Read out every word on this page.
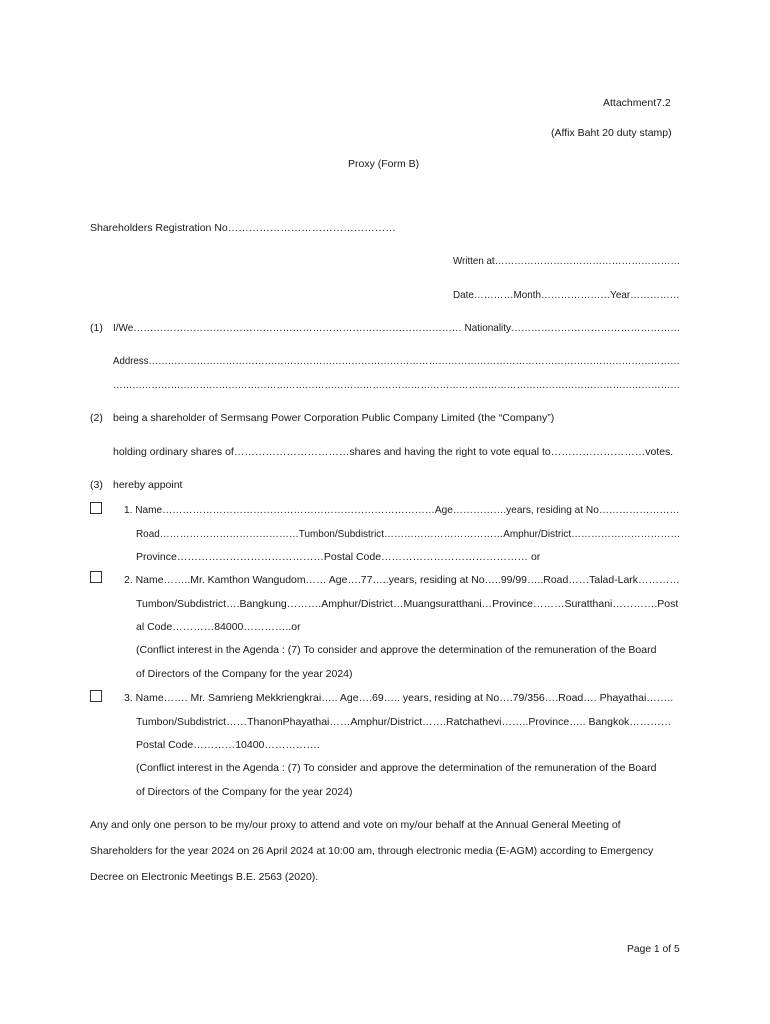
Attachment7.2
(Affix Baht 20 duty stamp)
Proxy (Form B)
Shareholders Registration No…………………………………………
Written at…………………………………………………
Date…………Month…………………Year……………
(1) I/We……………………………………………………………………………………… Nationality……………………………………………
Address…………………………………………………………………………………………………………………………………………………
……………………………………………………………………………………………………………………………………………………………
(2) being a shareholder of Sermsang Power Corporation Public Company Limited (the “Company”)
holding ordinary shares of……………………………shares and having the right to vote equal to………………………votes.
(3) hereby appoint
1. Name………………………………………………………………………Age…………….years, residing at No……………………
Road……………………………………Tumbon/Subdistrict………………………………Amphur/District……………………………
Province……………………………………Postal Code…………………………………… or
2. Name……..Mr. Kamthon Wangudom…… Age….77…..years, residing at No…..99/99…..Road……Talad-Lark…………
Tumbon/Subdistrict….Bangkung……….Amphur/District…Muangsuratthani…Province………Suratthani………….Post
al Code…………84000…………..or
(Conflict interest in the Agenda : (7) To consider and approve the determination of the remuneration of the Board
of Directors of the Company for the year 2024)
3. Name……. Mr. Samrieng Mekkriengkrai….. Age….69….. years, residing at No….79/356….Road…. Phayathai……..
Tumbon/Subdistrict……ThanonPhayathai……Amphur/District…….Ratchathevi……..Province….. Bangkok…………
Postal Code…………10400…………….
(Conflict interest in the Agenda : (7) To consider and approve the determination of the remuneration of the Board
of Directors of the Company for the year 2024)
Any and only one person to be my/our proxy to attend and vote on my/our behalf at the Annual General Meeting of
Shareholders for the year 2024 on 26 April 2024 at 10:00 am, through electronic media (E-AGM) according to Emergency
Decree on Electronic Meetings B.E. 2563 (2020).
Page 1 of 5
